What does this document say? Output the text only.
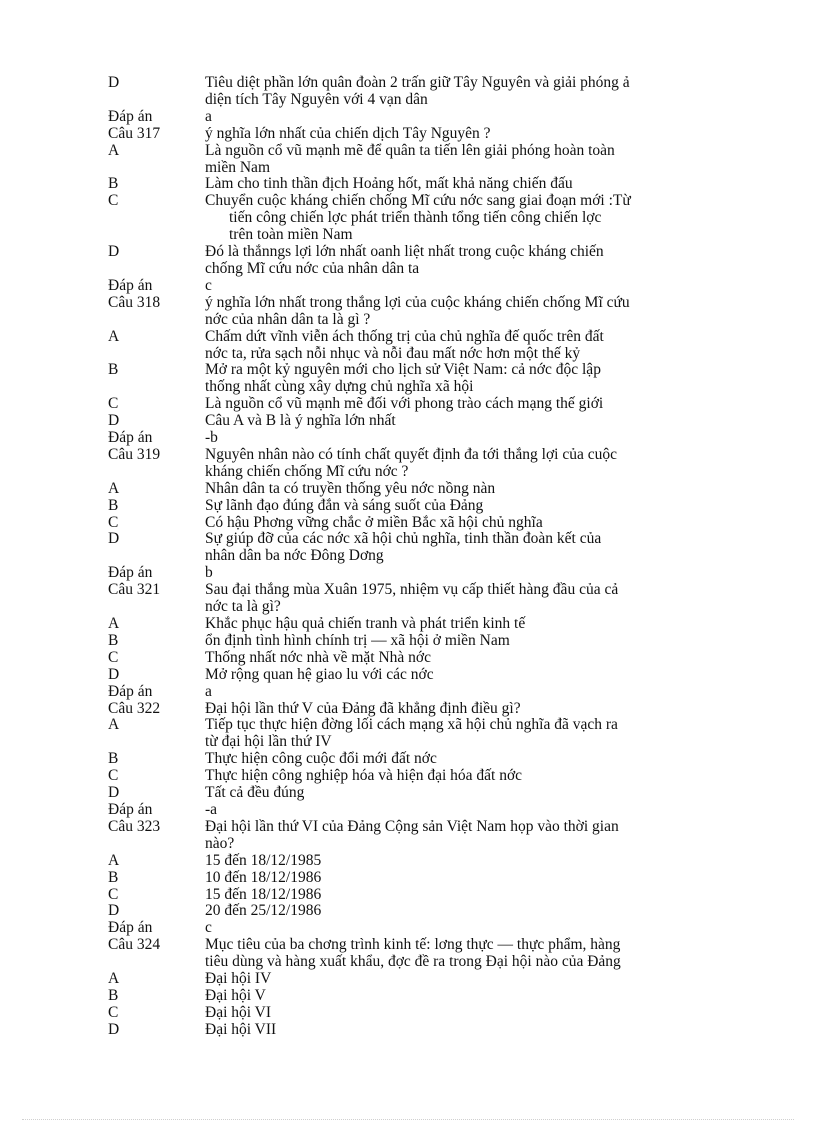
D	Tiêu diệt phần lớn quân đoàn 2 trấn giữ Tây Nguyên và giải phóng ả
diện tích Tây Nguyên với 4 vạn dân
Đáp án	a
Câu 317	ý nghĩa lớn nhất của chiến dịch Tây Nguyên ?
A	Là nguồn cổ vũ mạnh mẽ để quân ta tiến lên giải phóng hoàn toàn
miền Nam
B	Làm cho tinh thần địch Hoảng hốt, mất khả năng chiến đấu
C	Chuyển cuộc kháng chiến chống Mĩ cứu nớc sang giai đoạn mới :Từ
tiến công chiến lợc phát triển thành tổng tiến công chiến lợc
trên toàn miền Nam
D	Đó là thắnngs lợi lớn nhất oanh liệt nhất trong cuộc kháng chiến
chống Mĩ cứu nớc của nhân dân ta
Đáp án	c
Câu 318	ý nghĩa lớn nhất trong thắng lợi của cuộc kháng chiến chống Mĩ cứu
nớc của nhân dân ta là gì ?
A	Chấm dứt vĩnh viễn ách thống trị của chủ nghĩa đế quốc trên đất
nớc ta, rửa sạch nỗi nhục và nỗi đau mất nớc hơn một thế kỷ
B	Mở ra một kỷ nguyên mới cho lịch sử Việt Nam: cả nớc độc lập
thống nhất cùng xây dựng chủ nghĩa xã hội
C	Là nguồn cổ vũ mạnh mẽ đối với phong trào cách mạng thế giới
D	Câu A và B là ý nghĩa lớn nhất
Đáp án	-b
Câu 319	Nguyên nhân nào có tính chất quyết định đa tới thắng lợi của cuộc
kháng chiến chống Mĩ cứu nớc ?
A	Nhân dân ta có truyền thống yêu nớc nồng nàn
B	Sự lãnh đạo đúng đắn và sáng suốt của Đảng
C	Có hậu Phơng vững chắc ở miền Bắc xã hội chủ nghĩa
D	Sự giúp đỡ của các nớc xã hội chủ nghĩa, tinh thần đoàn kết của
nhân dân ba nớc Đông Dơng
Đáp án	b
Câu 321	Sau đại thắng mùa Xuân 1975, nhiệm vụ cấp thiết hàng đầu của cả
nớc ta là gì?
A	Khắc phục hậu quả chiến tranh và phát triển kinh tế
B	ổn định tình hình chính trị — xã hội ở miền Nam
C	Thống nhất nớc nhà về mặt Nhà nớc
D	Mở rộng quan hệ giao lu với các nớc
Đáp án	a
Câu 322	Đại hội lần thứ V của Đảng đã khẳng định điều gì?
A	Tiếp tục thực hiện đờng lối cách mạng xã hội chủ nghĩa đã vạch ra
từ đại hội lần thứ IV
B	Thực hiện công cuộc đổi mới đất nớc
C	Thực hiện công nghiệp hóa và hiện đại hóa đất nớc
D	Tất cả đều đúng
Đáp án	-a
Câu 323	Đại hội lần thứ VI của Đảng Cộng sản Việt Nam họp vào thời gian
nào?
A	15 đến 18/12/1985
B	10 đến 18/12/1986
C	15 đến 18/12/1986
D	20 đến 25/12/1986
Đáp án	c
Câu 324	Mục tiêu của ba chơng trình kinh tế: lơng thực — thực phẩm, hàng
tiêu dùng và hàng xuất khẩu, đợc đề ra trong Đại hội nào của Đảng
A	Đại hội IV
B	Đại hội V
C	Đại hội VI
D	Đại hội VII
